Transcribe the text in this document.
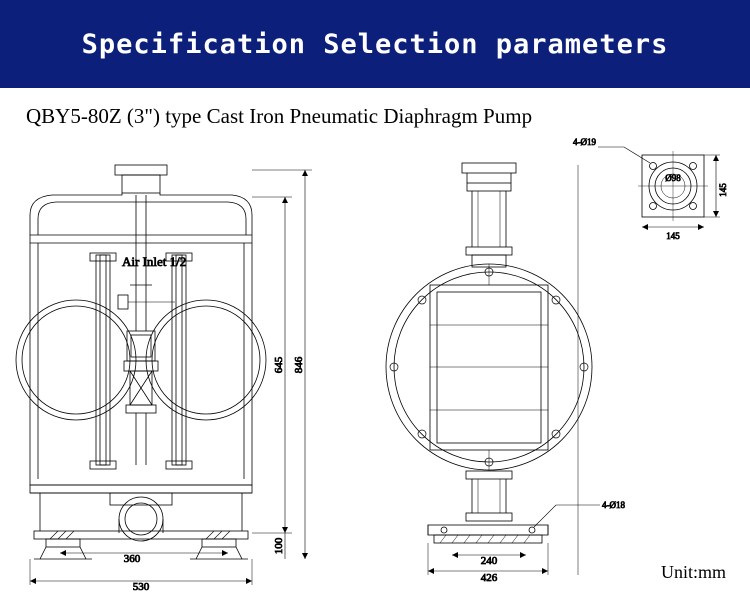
Specification Selection parameters
QBY5-80Z (3") type Cast Iron Pneumatic Diaphragm Pump
Air Inlet 1/2
360
530
645 846
100
240
426
4-Ø18
4-Ø19
145
145
Ø98
Unit:mm
